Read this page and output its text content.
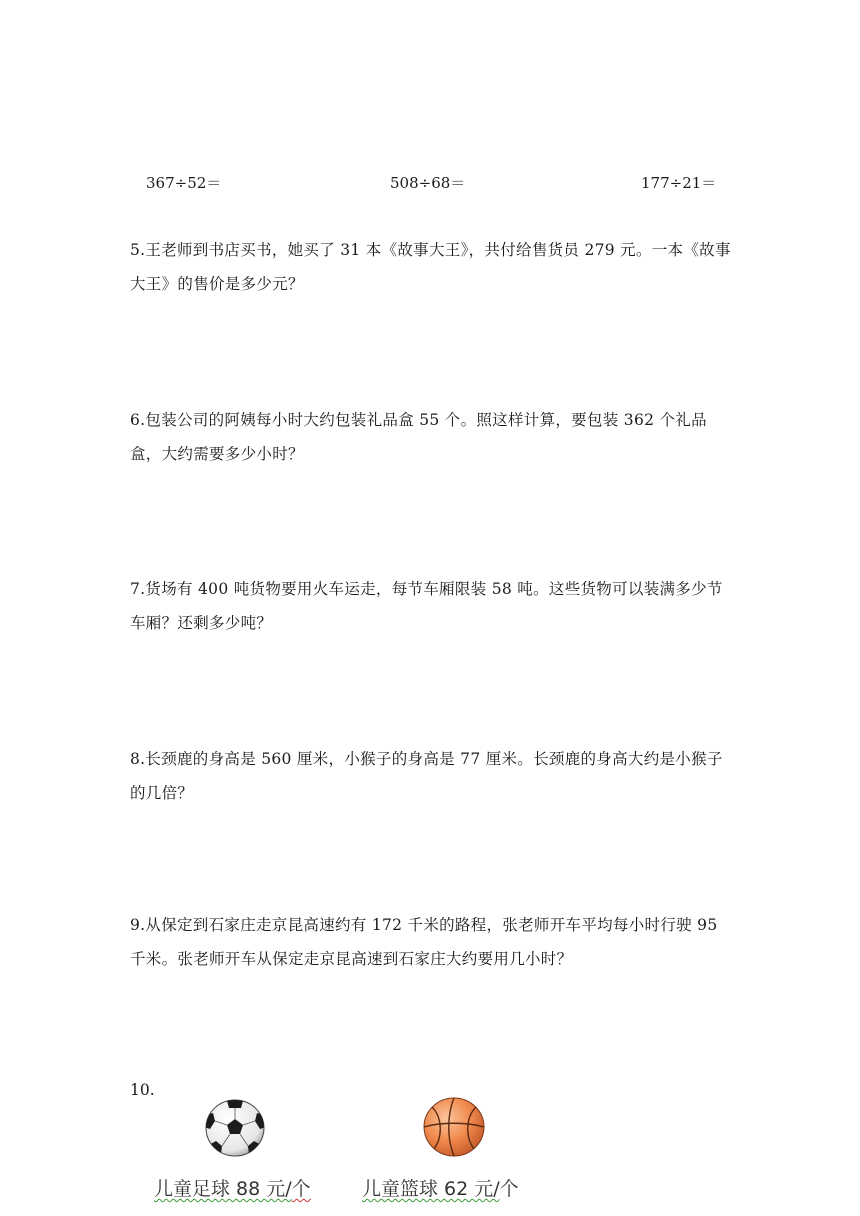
367÷52＝	508÷68＝	177÷21＝
5.王老师到书店买书，她买了 31 本《故事大王》，共付给售货员 279 元。一本《故事大王》的售价是多少元？
6.包装公司的阿姨每小时大约包装礼品盒 55 个。照这样计算，要包装 362 个礼品盒，大约需要多少小时？
7.货场有 400 吨货物要用火车运走，每节车厢限装 58 吨。这些货物可以装满多少节车厢？还剩多少吨？
8.长颈鹿的身高是 560 厘米，小猴子的身高是 77 厘米。长颈鹿的身高大约是小猴子的几倍？
9.从保定到石家庄走京昆高速约有 172 千米的路程，张老师开车平均每小时行驶 95 千米。张老师开车从保定走京昆高速到石家庄大约要用几小时？
10.
儿童足球 88 元/个	儿童篮球 62 元/个
